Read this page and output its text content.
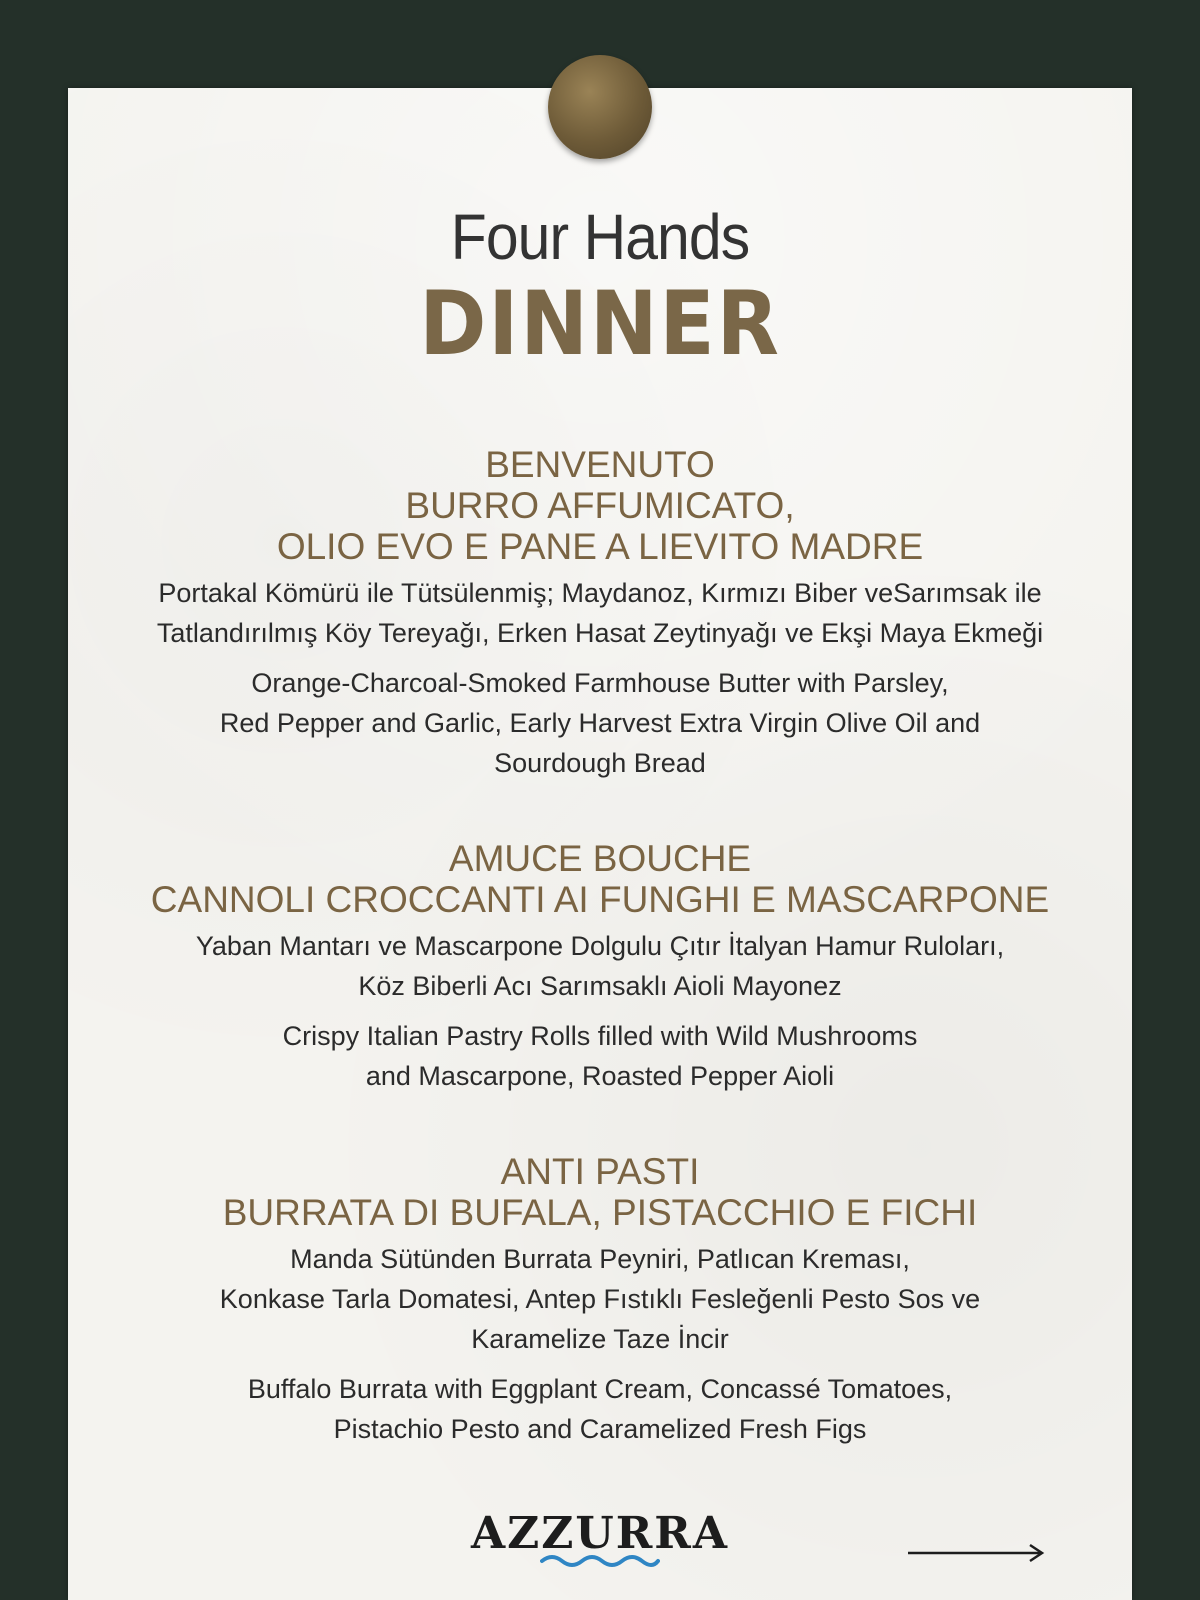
Four Hands
DINNER
BENVENUTO
BURRO AFFUMICATO,
OLIO EVO E PANE A LIEVITO MADRE
Portakal Kömürü ile Tütsülenmiş; Maydanoz, Kırmızı Biber veSarımsak ile
Tatlandırılmış Köy Tereyağı, Erken Hasat Zeytinyağı ve Ekşi Maya Ekmeği
Orange-Charcoal-Smoked Farmhouse Butter with Parsley,
Red Pepper and Garlic, Early Harvest Extra Virgin Olive Oil and
Sourdough Bread
AMUCE BOUCHE
CANNOLI CROCCANTI AI FUNGHI E MASCARPONE
Yaban Mantarı ve Mascarpone Dolgulu Çıtır İtalyan Hamur Ruloları,
Köz Biberli Acı Sarımsaklı Aioli Mayonez
Crispy Italian Pastry Rolls filled with Wild Mushrooms
and Mascarpone, Roasted Pepper Aioli
ANTI PASTI
BURRATA DI BUFALA, PISTACCHIO E FICHI
Manda Sütünden Burrata Peyniri, Patlıcan Kreması,
Konkase Tarla Domatesi, Antep Fıstıklı Fesleğenli Pesto Sos ve
Karamelize Taze İncir
Buffalo Burrata with Eggplant Cream, Concassé Tomatoes,
Pistachio Pesto and Caramelized Fresh Figs
AZZURRA
